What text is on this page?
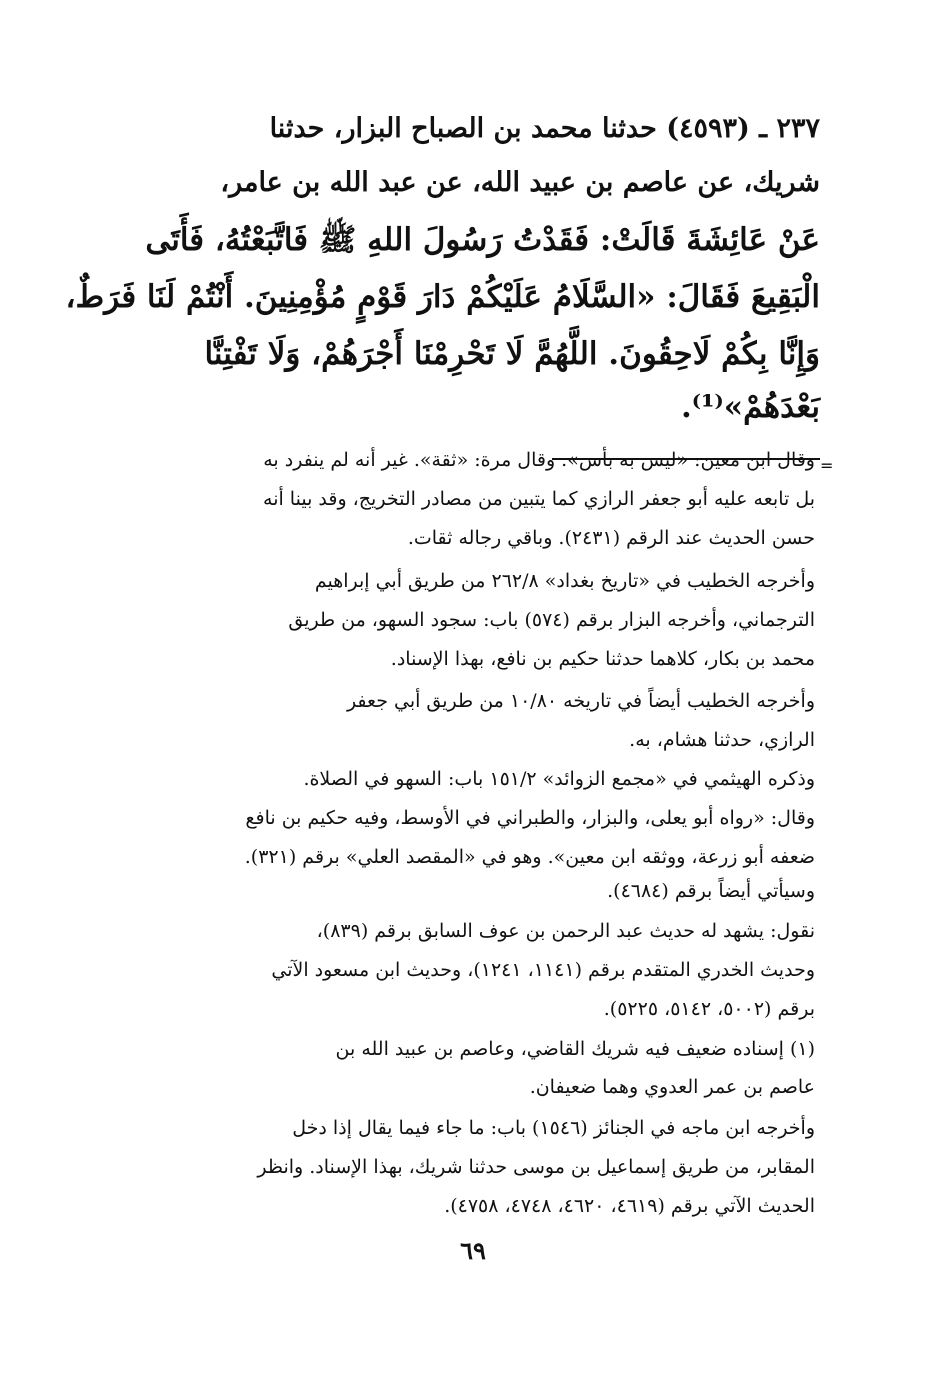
٢٣٧ ـ (٤٥٩٣) حدثنا محمد بن الصباح البزار، حدثنا
شريك، عن عاصم بن عبيد الله، عن عبد الله بن عامر،
عَنْ عَائِشَةَ قَالَتْ: فَقَدْتُ رَسُولَ اللهِ ﷺ فَاتَّبَعْتُهُ، فَأَتَى
الْبَقِيعَ فَقَالَ: «السَّلَامُ عَلَيْكُمْ دَارَ قَوْمٍ مُؤْمِنِينَ. أَنْتُمْ لَنَا فَرَطٌ،
وَإِنَّا بِكُمْ لَاحِقُونَ. اللَّهُمَّ لَا تَحْرِمْنَا أَجْرَهُمْ، وَلَا تَفْتِنَّا
بَعْدَهُمْ»⁽¹⁾.
=
وقال ابن معين: «ليس به بأس». وقال مرة: «ثقة». غير أنه لم ينفرد به
بل تابعه عليه أبو جعفر الرازي كما يتبين من مصادر التخريج، وقد بينا أنه
حسن الحديث عند الرقم (٢٤٣١). وباقي رجاله ثقات.
وأخرجه الخطيب في «تاريخ بغداد» ٢٦٢/٨ من طريق أبي إبراهيم
الترجماني، وأخرجه البزار برقم (٥٧٤) باب: سجود السهو، من طريق
محمد بن بكار، كلاهما حدثنا حكيم بن نافع، بهذا الإسناد.
وأخرجه الخطيب أيضاً في تاريخه ١٠/٨٠ من طريق أبي جعفر
الرازي، حدثنا هشام، به.
وذكره الهيثمي في «مجمع الزوائد» ١٥١/٢ باب: السهو في الصلاة.
وقال: «رواه أبو يعلى، والبزار، والطبراني في الأوسط، وفيه حكيم بن نافع
ضعفه أبو زرعة، ووثقه ابن معين». وهو في «المقصد العلي» برقم (٣٢١).
وسيأتي أيضاً برقم (٤٦٨٤).
نقول: يشهد له حديث عبد الرحمن بن عوف السابق برقم (٨٣٩)،
وحديث الخدري المتقدم برقم (١١٤١، ١٢٤١)، وحديث ابن مسعود الآتي
برقم (٥٠٠٢، ٥١٤٢، ٥٢٢٥).
(١) إسناده ضعيف فيه شريك القاضي، وعاصم بن عبيد الله بن
عاصم بن عمر العدوي وهما ضعيفان.
وأخرجه ابن ماجه في الجنائز (١٥٤٦) باب: ما جاء فيما يقال إذا دخل
المقابر، من طريق إسماعيل بن موسى حدثنا شريك، بهذا الإسناد. وانظر
الحديث الآتي برقم (٤٦١٩، ٤٦٢٠، ٤٧٤٨، ٤٧٥٨).
٦٩
